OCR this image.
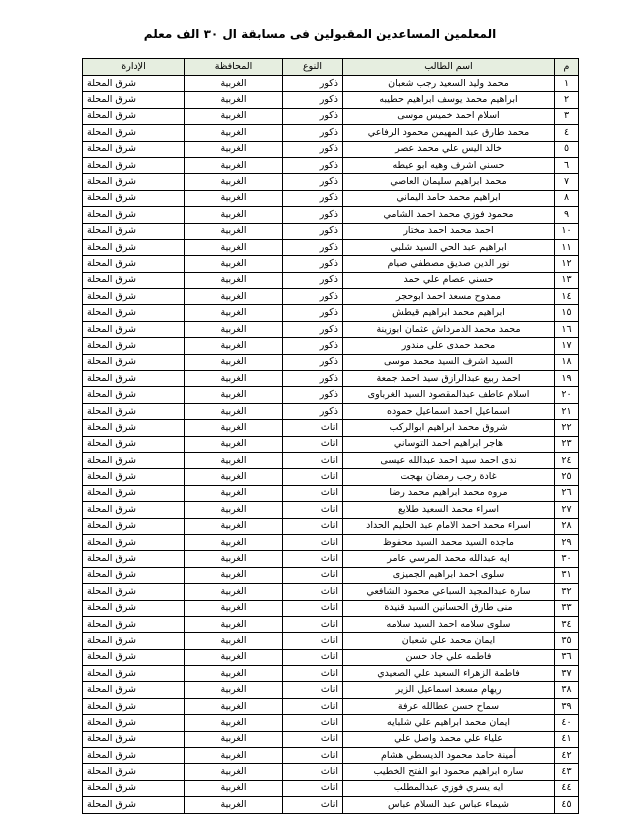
المعلمين المساعدين المقبولين فى مسابقة ال ٣٠ الف معلم
م	اسم الطالب	النوع	المحافظة	الإدارة
١	محمد وليد السعيد رجب شعبان	ذكور	الغربية	شرق المحلة
٢	ابراهيم محمد يوسف ابراهيم حطيبه	ذكور	الغربية	شرق المحلة
٣	اسلام احمد خميس موسى	ذكور	الغربية	شرق المحلة
٤	محمد طارق عبد المهيمن محمود الرفاعي	ذكور	الغربية	شرق المحلة
٥	خالد اليس علي محمد عصر	ذكور	الغربية	شرق المحلة
٦	حسني اشرف وهيه ابو عيطه	ذكور	الغربية	شرق المحلة
٧	محمد ابراهيم سليمان العاصي	ذكور	الغربية	شرق المحلة
٨	ابراهيم محمد حامد اليماني	ذكور	الغربية	شرق المحلة
٩	محمود فوزي محمد احمد الشامي	ذكور	الغربية	شرق المحلة
١٠	احمد محمد احمد مختار	ذكور	الغربية	شرق المحلة
١١	ابراهيم عبد الحي السيد شلبي	ذكور	الغربية	شرق المحلة
١٢	نور الدين صديق مصطفي صيام	ذكور	الغربية	شرق المحلة
١٣	حسني عصام علي حمد	ذكور	الغربية	شرق المحلة
١٤	ممدوح مسعد احمد ابوحجر	ذكور	الغربية	شرق المحلة
١٥	ابراهيم محمد ابراهيم قيطش	ذكور	الغربية	شرق المحلة
١٦	محمد محمد الدمرداش عثمان ابوزينة	ذكور	الغربية	شرق المحلة
١٧	محمد حمدى على مندور	ذكور	الغربية	شرق المحلة
١٨	السيد اشرف السيد محمد موسى	ذكور	الغربية	شرق المحلة
١٩	احمد ربيع عبدالرازق سيد احمد جمعة	ذكور	الغربية	شرق المحلة
٢٠	اسلام عاطف عبدالمقصود السيد الغرباوى	ذكور	الغربية	شرق المحلة
٢١	اسماعيل احمد اسماعيل حموده	ذكور	الغربية	شرق المحلة
٢٢	شروق محمد ابراهيم ابوالركب	اناث	الغربية	شرق المحلة
٢٣	هاجر ابراهيم احمد التوساني	اناث	الغربية	شرق المحلة
٢٤	ندى احمد سيد احمد عبدالله عيسى	اناث	الغربية	شرق المحلة
٢٥	غادة رجب رمضان بهجت	اناث	الغربية	شرق المحلة
٢٦	مروه محمد ابراهيم محمد رضا	اناث	الغربية	شرق المحلة
٢٧	اسراء محمد السعيد طلايع	اناث	الغربية	شرق المحلة
٢٨	اسراء محمد احمد الامام عبد الحليم الحداد	اناث	الغربية	شرق المحلة
٢٩	ماجده السيد محمد السيد محفوظ	اناث	الغربية	شرق المحلة
٣٠	ايه عبدالله محمد المرسي عامر	اناث	الغربية	شرق المحلة
٣١	سلوى احمد ابراهيم الجميزى	اناث	الغربية	شرق المحلة
٣٢	سارة عبدالمجيد السباعي محمود الشافعي	اناث	الغربية	شرق المحلة
٣٣	منى طارق الحسانين السيد قنيدة	اناث	الغربية	شرق المحلة
٣٤	سلوى سلامه احمد السيد سلامه	اناث	الغربية	شرق المحلة
٣٥	ايمان محمد علي شعبان	اناث	الغربية	شرق المحلة
٣٦	فاطمه علي جاد حسن	اناث	الغربية	شرق المحلة
٣٧	فاطمة الزهراء السعيد علي الصعيدي	اناث	الغربية	شرق المحلة
٣٨	ريهام مسعد اسماعيل الزير	اناث	الغربية	شرق المحلة
٣٩	سماح حسن عطالله عرفة	اناث	الغربية	شرق المحلة
٤٠	ايمان محمد ابراهيم علي شلبايه	اناث	الغربية	شرق المحلة
٤١	علياء علي محمد واصل علي	اناث	الغربية	شرق المحلة
٤٢	أمينة حامد محمود الديسطي هشام	اناث	الغربية	شرق المحلة
٤٣	ساره ابراهيم محمود ابو الفتح الخطيب	اناث	الغربية	شرق المحلة
٤٤	ايه يسري فوزي عبدالمطلب	اناث	الغربية	شرق المحلة
٤٥	شيماء عباس عبد السلام عباس	اناث	الغربية	شرق المحلة
